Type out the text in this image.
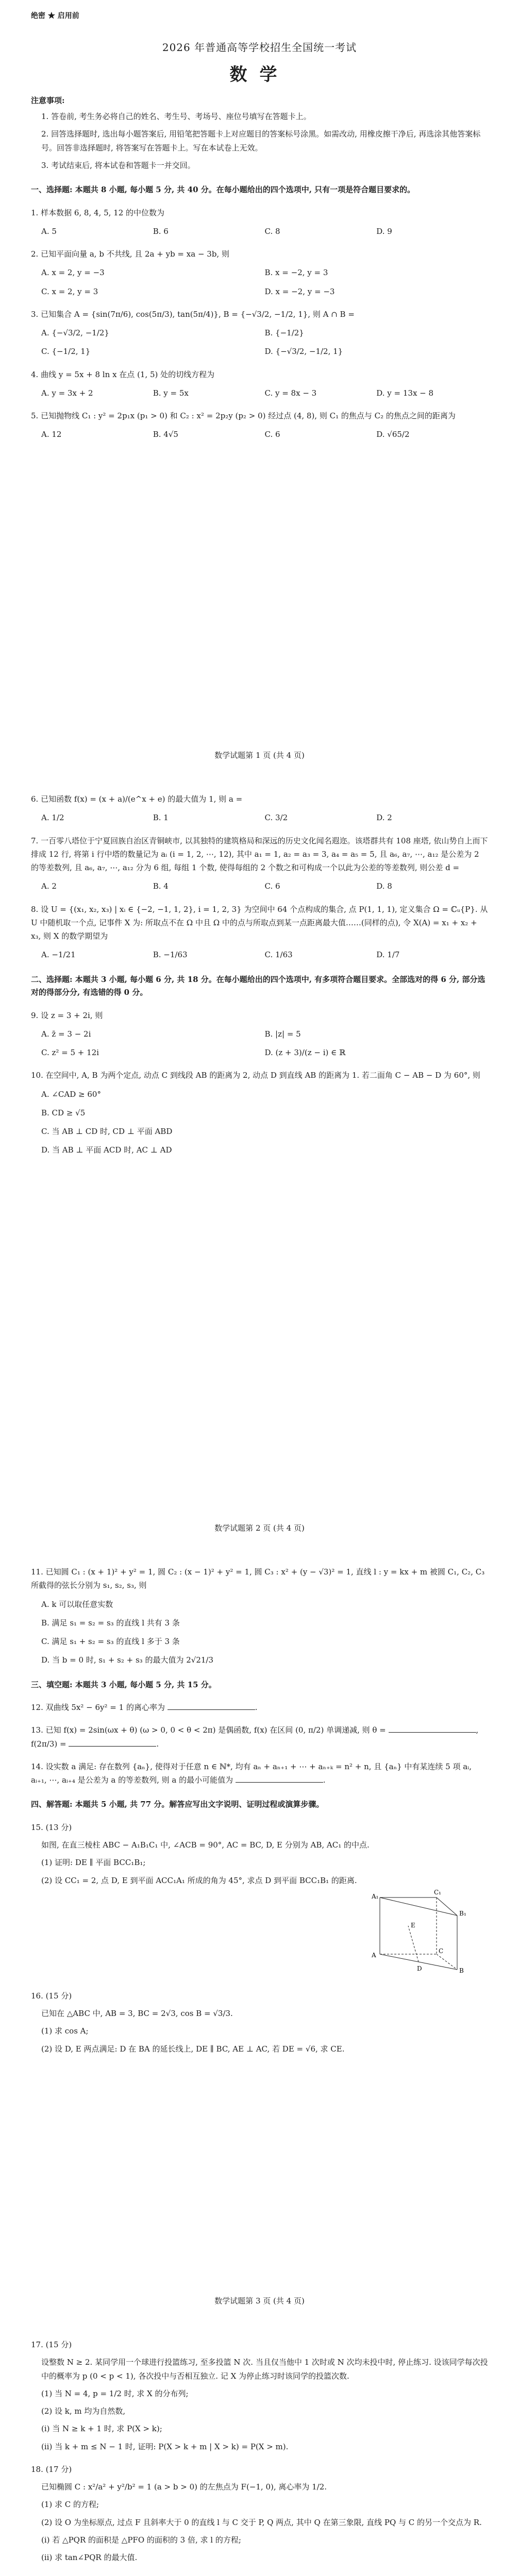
绝密 ★ 启用前
2026 年普通高等学校招生全国统一考试
数学
注意事项:

1. 答卷前, 考生务必将自己的姓名、考生号、考场号、座位号填写在答题卡上。

2. 回答选择题时, 选出每小题答案后, 用铅笔把答题卡上对应题目的答案标号涂黑。如需改动, 用橡皮擦干净后, 再选涂其他答案标号。回答非选择题时, 将答案写在答题卡上。写在本试卷上无效。

3. 考试结束后, 将本试卷和答题卡一并交回。

一、选择题: 本题共 8 小题, 每小题 5 分, 共 40 分。在每小题给出的四个选项中, 只有一项是符合题目要求的。
1. 样本数据 6, 8, 4, 5, 12 的中位数为
A. 5	B. 6	C. 8	D. 9
2. 已知平面向量 a, b 不共线, 且 2a + yb = xa − 3b, 则
A. x = 2, y = −3	B. x = −2, y = 3
C. x = 2, y = 3	D. x = −2, y = −3
3. 已知集合 A = {sin(7π/6), cos(5π/3), tan(5π/4)}, B = {−√3/2, −1/2, 1}, 则 A ∩ B =
A. {−√3/2, −1/2}	B. {−1/2}
C. {−1/2, 1}	D. {−√3/2, −1/2, 1}
4. 曲线 y = 5x + 8 ln x 在点 (1, 5) 处的切线方程为
A. y = 3x + 2	B. y = 5x	C. y = 8x − 3	D. y = 13x − 8
5. 已知抛物线 C₁ : y² = 2p₁x (p₁ > 0) 和 C₂ : x² = 2p₂y (p₂ > 0) 经过点 (4, 8), 则 C₁ 的焦点与 C₂ 的焦点之间的距离为
A. 12	B. 4√5	C. 6	D. √65/2
数学试题第 1 页 (共 4 页)
6. 已知函数 f(x) = (x + a)/(e^x + e) 的最大值为 1, 则 a =
A. 1/2	B. 1	C. 3/2	D. 2
7. 一百零八塔位于宁夏回族自治区青铜峡市, 以其独特的建筑格局和深远的历史文化闻名遐迩。该塔群共有 108 座塔, 依山势自上而下排成 12 行, 将第 i 行中塔的数量记为 aᵢ (i = 1, 2, ⋯, 12), 其中 a₁ = 1, a₂ = a₃ = 3, a₄ = a₅ = 5, 且 a₆, a₇, ⋯, a₁₂ 是公差为 2 的等差数列, 且 a₆, a₇, ⋯, a₁₂ 分为 6 组, 每组 1 个数, 使得每组的 2 个数之和可构成一个以此为公差的等差数列, 则公差 d =
A. 2	B. 4	C. 6	D. 8
8. 设 U = {(x₁, x₂, x₃) | xᵢ ∈ {−2, −1, 1, 2}, i = 1, 2, 3} 为空间中 64 个点构成的集合, 点 P(1, 1, 1), 定义集合 Ω = ℂᵤ{P}. 从 U 中随机取一个点, 记事件 X 为: 所取点不在 Ω 中且 Ω 中的点与所取点到某一点距离最大值……(同样的点), 令 X(A) = x₁ + x₂ + x₃, 则 X 的数学期望为
A. −1/21	B. −1/63	C. 1/63	D. 1/7
二、选择题: 本题共 3 小题, 每小题 6 分, 共 18 分。在每小题给出的四个选项中, 有多项符合题目要求。全部选对的得 6 分, 部分选对的得部分分, 有选错的得 0 分。
9. 设 z = 3 + 2i, 则
A. z̄ = 3 − 2i	B. |z| = 5
C. z² = 5 + 12i	D. (z + 3)/(z − i) ∈ ℝ
10. 在空间中, A, B 为两个定点, 动点 C 到线段 AB 的距离为 2, 动点 D 到直线 AB 的距离为 1. 若二面角 C − AB − D 为 60°, 则
A. ∠CAD ≥ 60°
B. CD ≥ √5
C. 当 AB ⊥ CD 时, CD ⊥ 平面 ABD
D. 当 AB ⊥ 平面 ACD 时, AC ⊥ AD
数学试题第 2 页 (共 4 页)
11. 已知圆 C₁ : (x + 1)² + y² = 1, 圆 C₂ : (x − 1)² + y² = 1, 圆 C₃ : x² + (y − √3)² = 1, 直线 l : y = kx + m 被圆 C₁, C₂, C₃ 所截得的弦长分别为 s₁, s₂, s₃, 则
A. k 可以取任意实数
B. 满足 s₁ = s₂ = s₃ 的直线 l 共有 3 条
C. 满足 s₁ + s₂ = s₃ 的直线 l 多于 3 条
D. 当 b = 0 时, s₁ + s₂ + s₃ 的最大值为 2√21/3
三、填空题: 本题共 3 小题, 每小题 5 分, 共 15 分。
12. 双曲线 5x² − 6y² = 1 的离心率为	.
13. 已知 f(x) = 2sin(ωx + θ) (ω > 0, 0 < θ < 2π) 是偶函数, f(x) 在区间 (0, π/2) 单调递减, 则 θ =	, f(2π/3) =	.
14. 设实数 a 满足: 存在数列 {aₙ}, 使得对于任意 n ∈ ℕ*, 均有 aₙ + aₙ₊₁ + ⋯ + aₙ₊ₖ = n² + n, 且 {aₙ} 中有某连续 5 项 aᵢ, aᵢ₊₁, ⋯, aᵢ₊₄ 是公差为 a 的等差数列, 则 a 的最小可能值为	.
四、解答题: 本题共 5 小题, 共 77 分。解答应写出文字说明、证明过程或演算步骤。
15. (13 分)
如图, 在直三棱柱 ABC − A₁B₁C₁ 中, ∠ACB = 90°, AC = BC, D, E 分别为 AB, AC₁ 的中点.
(1) 证明: DE ∥ 平面 BCC₁B₁;
(2) 设 CC₁ = 2, 点 D, E 到平面 ACC₁A₁ 所成的角为 45°, 求点 D 到平面 BCC₁B₁ 的距离.
C₁
B₁
A₁
E
C
B
A
D
16. (15 分)
已知在 △ABC 中, AB = 3, BC = 2√3, cos B = √3/3.
(1) 求 cos A;
(2) 设 D, E 两点满足: D 在 BA 的延长线上, DE ∥ BC, AE ⊥ AC, 若 DE = √6, 求 CE.
数学试题第 3 页 (共 4 页)
17. (15 分)
设整数 N ≥ 2. 某同学用一个球进行投篮练习, 至多投篮 N 次. 当且仅当他中 1 次时或 N 次均未投中时, 停止练习. 设该同学每次投中的概率为 p (0 < p < 1), 各次投中与否相互独立. 记 X 为停止练习时该同学的投篮次数.
(1) 当 N = 4, p = 1/2 时, 求 X 的分布列;
(2) 设 k, m 均为自然数,
(i) 当 N ≥ k + 1 时, 求 P(X > k);
(ii) 当 k + m ≤ N − 1 时, 证明: P(X > k + m | X > k) = P(X > m).
18. (17 分)
已知椭圆 C : x²/a² + y²/b² = 1 (a > b > 0) 的左焦点为 F(−1, 0), 离心率为 1/2.
(1) 求 C 的方程;
(2) 设 O 为坐标原点, 过点 F 且斜率大于 0 的直线 l 与 C 交于 P, Q 两点, 其中 Q 在第三象限, 直线 PQ 与 C 的另一个交点为 R.
(i) 若 △PQR 的面积是 △PFO 的面积的 3 倍, 求 l 的方程;
(ii) 求 tan∠PQR 的最大值.
